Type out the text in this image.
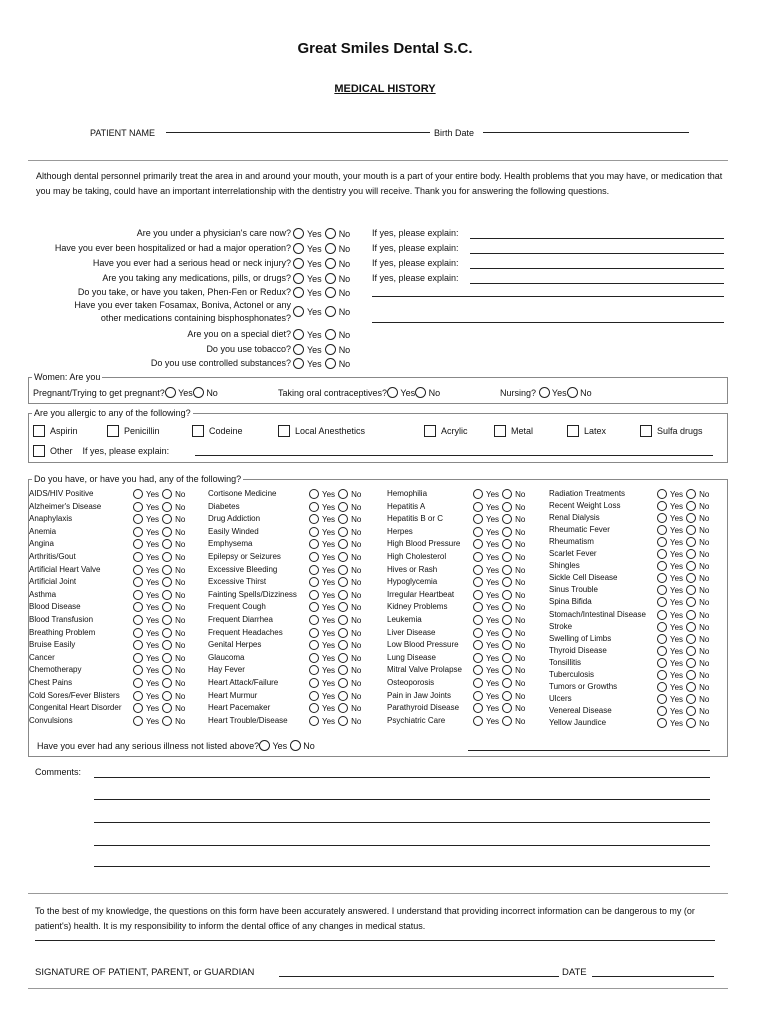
Great Smiles Dental S.C.
MEDICAL HISTORY
PATIENT NAME	Birth Date
Although dental personnel primarily treat the area in and around your mouth, your mouth is a part of your entire body. Health problems that you may have, or medication that you may be taking, could have an important interrelationship with the dentistry you will receive. Thank you for answering the following questions.
Are you under a physician's care now?	Yes No If yes, please explain:
Have you ever been hospitalized or had a major operation?	Yes No If yes, please explain:
Have you ever had a serious head or neck injury?	Yes No If yes, please explain:
Are you taking any medications, pills, or drugs?	Yes No If yes, please explain:
Do you take, or have you taken, Phen-Fen or Redux?	Yes No
Have you ever taken Fosamax, Boniva, Actonel or any
other medications containing bisphosphonates?
Yes No
Are you on a special diet?	Yes No
Do you use tobacco?	Yes No
Do you use controlled substances?	Yes No
Women: Are you
Pregnant/Trying to get pregnant? Yes No	Taking oral contraceptives? Yes No	Nursing? Yes No
Are you allergic to any of the following?
Aspirin	Penicillin	Codeine	Local Anesthetics	Acrylic	Metal	Latex	Sulfa drugs
Other If yes, please explain:
Do you have, or have you had, any of the following?
AIDS/HIV Positive	Yes No
Alzheimer's Disease	Yes No
Anaphylaxis	Yes No
Anemia	Yes No
Angina	Yes No
Arthritis/Gout	Yes No
Artificial Heart Valve	Yes No
Artificial Joint	Yes No
Asthma	Yes No
Blood Disease	Yes No
Blood Transfusion	Yes No
Breathing Problem	Yes No
Bruise Easily	Yes No
Cancer	Yes No
Chemotherapy	Yes No
Chest Pains	Yes No
Cold Sores/Fever Blisters	Yes No
Congenital Heart Disorder	Yes No
Convulsions	Yes No
Cortisone Medicine	Yes No
Diabetes	Yes No
Drug Addiction	Yes No
Easily Winded	Yes No
Emphysema	Yes No
Epilepsy or Seizures	Yes No
Excessive Bleeding	Yes No
Excessive Thirst	Yes No
Fainting Spells/Dizziness	Yes No
Frequent Cough	Yes No
Frequent Diarrhea	Yes No
Frequent Headaches	Yes No
Genital Herpes	Yes No
Glaucoma	Yes No
Hay Fever	Yes No
Heart Attack/Failure	Yes No
Heart Murmur	Yes No
Heart Pacemaker	Yes No
Heart Trouble/Disease	Yes No
Hemophilia	Yes No
Hepatitis A	Yes No
Hepatitis B or C	Yes No
Herpes	Yes No
High Blood Pressure	Yes No
High Cholesterol	Yes No
Hives or Rash	Yes No
Hypoglycemia	Yes No
Irregular Heartbeat	Yes No
Kidney Problems	Yes No
Leukemia	Yes No
Liver Disease	Yes No
Low Blood Pressure	Yes No
Lung Disease	Yes No
Mitral Valve Prolapse	Yes No
Osteoporosis	Yes No
Pain in Jaw Joints	Yes No
Parathyroid Disease	Yes No
Psychiatric Care	Yes No
Radiation Treatments	Yes No
Recent Weight Loss	Yes No
Renal Dialysis	Yes No
Rheumatic Fever	Yes No
Rheumatism	Yes No
Scarlet Fever	Yes No
Shingles	Yes No
Sickle Cell Disease	Yes No
Sinus Trouble	Yes No
Spina Bifida	Yes No
Stomach/Intestinal Disease	Yes No
Stroke	Yes No
Swelling of Limbs	Yes No
Thyroid Disease	Yes No
Tonsillitis	Yes No
Tuberculosis	Yes No
Tumors or Growths	Yes No
Ulcers	Yes No
Venereal Disease	Yes No
Yellow Jaundice	Yes No
Have you ever had any serious illness not listed above? Yes No
Comments:
To the best of my knowledge, the questions on this form have been accurately answered. I understand that providing incorrect information can be dangerous to my (or patient's) health. It is my responsibility to inform the dental office of any changes in medical status.
SIGNATURE OF PATIENT, PARENT, or GUARDIAN	DATE
